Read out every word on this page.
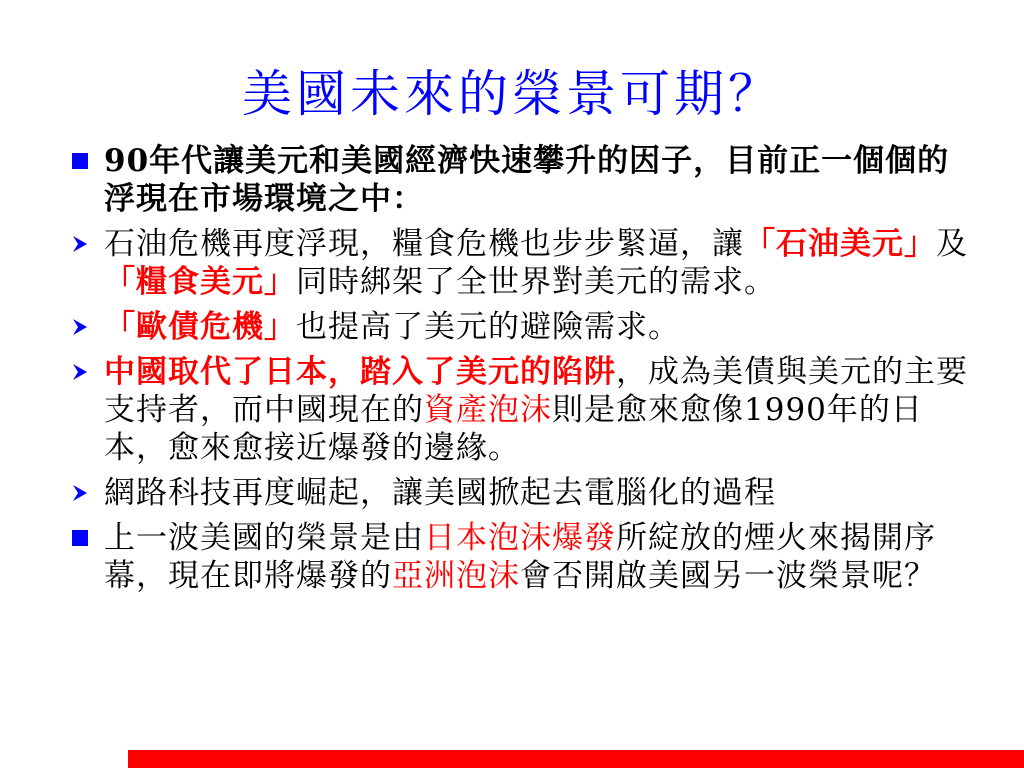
美國未來的榮景可期？
90年代讓美元和美國經濟快速攀升的因子，目前正一個個的浮現在市場環境之中：
石油危機再度浮現，糧食危機也步步緊逼，讓「石油美元」及「糧食美元」同時綁架了全世界對美元的需求。
「歐債危機」也提高了美元的避險需求。
中國取代了日本，踏入了美元的陷阱，成為美債與美元的主要支持者，而中國現在的資產泡沫則是愈來愈像1990年的日本，愈來愈接近爆發的邊緣。
網路科技再度崛起，讓美國掀起去電腦化的過程
上一波美國的榮景是由日本泡沫爆發所綻放的煙火來揭開序幕，現在即將爆發的亞洲泡沫會否開啟美國另一波榮景呢？
